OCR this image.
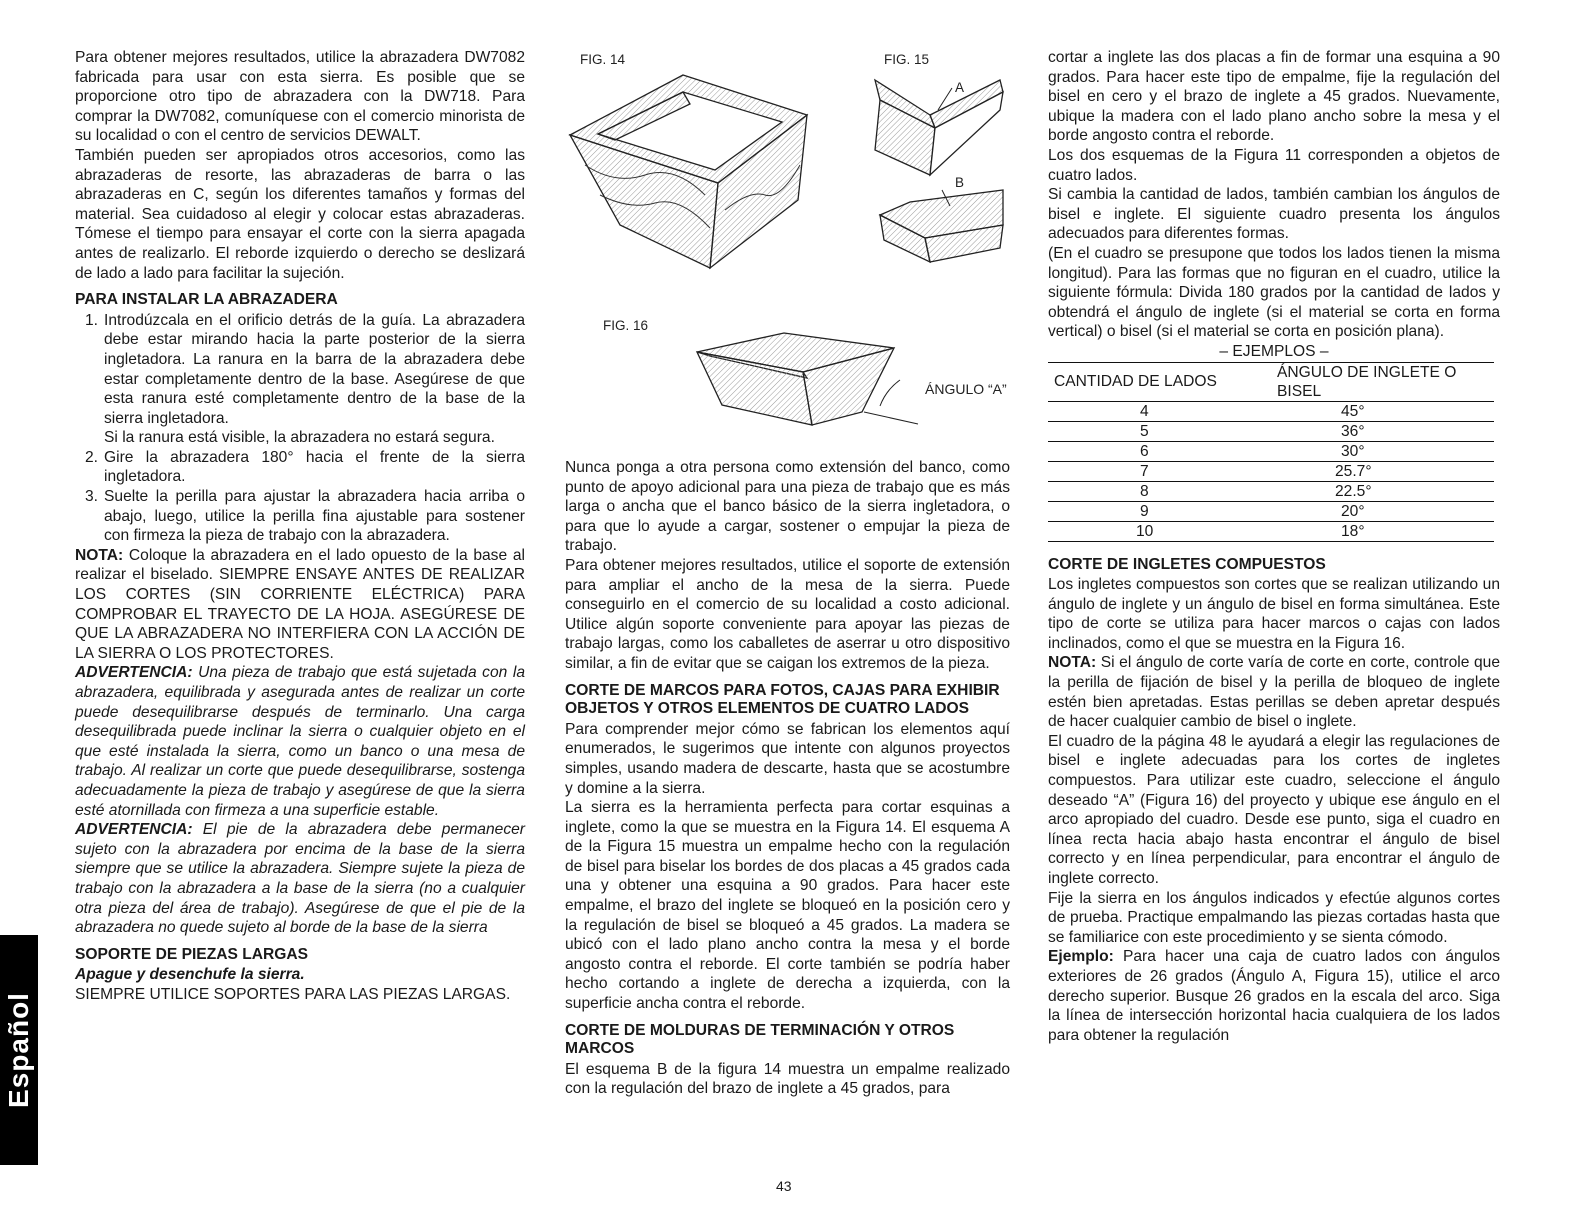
Para obtener mejores resultados, utilice la abrazadera DW7082 fabricada para usar con esta sierra. Es posible que se proporcione otro tipo de abrazadera con la DW718. Para comprar la DW7082, comuníquese con el comercio minorista de su localidad o con el centro de servicios DEWALT.

También pueden ser apropiados otros accesorios, como las abrazaderas de resorte, las abrazaderas de barra o las abrazaderas en C, según los diferentes tamaños y formas del material. Sea cuidadoso al elegir y colocar estas abrazaderas. Tómese el tiempo para ensayar el corte con la sierra apagada antes de realizarlo. El reborde izquierdo o derecho se deslizará de lado a lado para facilitar la sujeción.

PARA INSTALAR LA ABRAZADERA
1. Introdúzcala en el orificio detrás de la guía. La abrazadera debe estar mirando hacia la parte posterior de la sierra ingletadora. La ranura en la barra de la abrazadera debe estar completamente dentro de la base. Asegúrese de que esta ranura esté completamente dentro de la base de la sierra ingletadora.
Si la ranura está visible, la abrazadera no estará segura.
2. Gire la abrazadera 180° hacia el frente de la sierra ingletadora.
3. Suelte la perilla para ajustar la abrazadera hacia arriba o abajo, luego, utilice la perilla fina ajustable para sostener con firmeza la pieza de trabajo con la abrazadera.

NOTA: Coloque la abrazadera en el lado opuesto de la base al realizar el biselado. SIEMPRE ENSAYE ANTES DE REALIZAR LOS CORTES (SIN CORRIENTE ELÉCTRICA) PARA COMPROBAR EL TRAYECTO DE LA HOJA. ASEGÚRESE DE QUE LA ABRAZADERA NO INTERFIERA CON LA ACCIÓN DE LA SIERRA O LOS PROTECTORES.

ADVERTENCIA: Una pieza de trabajo que está sujetada con la abrazadera, equilibrada y asegurada antes de realizar un corte puede desequilibrarse después de terminarlo. Una carga desequilibrada puede inclinar la sierra o cualquier objeto en el que esté instalada la sierra, como un banco o una mesa de trabajo. Al realizar un corte que puede desequilibrarse, sostenga adecuadamente la pieza de trabajo y asegúrese de que la sierra esté atornillada con firmeza a una superficie estable.

ADVERTENCIA: El pie de la abrazadera debe permanecer sujeto con la abrazadera por encima de la base de la sierra siempre que se utilice la abrazadera. Siempre sujete la pieza de trabajo con la abrazadera a la base de la sierra (no a cualquier otra pieza del área de trabajo). Asegúrese de que el pie de la abrazadera no quede sujeto al borde de la base de la sierra

SOPORTE DE PIEZAS LARGAS

Apague y desenchufe la sierra.

SIEMPRE UTILICE SOPORTES PARA LAS PIEZAS LARGAS.

FIG. 14	FIG. 15
FIG. 16
A
B
ÁNGULO “A”

Nunca ponga a otra persona como extensión del banco, como punto de apoyo adicional para una pieza de trabajo que es más larga o ancha que el banco básico de la sierra ingletadora, o para que lo ayude a cargar, sostener o empujar la pieza de trabajo.

Para obtener mejores resultados, utilice el soporte de extensión para ampliar el ancho de la mesa de la sierra. Puede conseguirlo en el comercio de su localidad a costo adicional. Utilice algún soporte conveniente para apoyar las piezas de trabajo largas, como los caballetes de aserrar u otro dispositivo similar, a fin de evitar que se caigan los extremos de la pieza.

CORTE DE MARCOS PARA FOTOS, CAJAS PARA EXHIBIR OBJETOS Y OTROS ELEMENTOS DE CUATRO LADOS

Para comprender mejor cómo se fabrican los elementos aquí enumerados, le sugerimos que intente con algunos proyectos simples, usando madera de descarte, hasta que se acostumbre y domine a la sierra.

La sierra es la herramienta perfecta para cortar esquinas a inglete, como la que se muestra en la Figura 14. El esquema A de la Figura 15 muestra un empalme hecho con la regulación de bisel para biselar los bordes de dos placas a 45 grados cada una y obtener una esquina a 90 grados. Para hacer este empalme, el brazo del inglete se bloqueó en la posición cero y la regulación de bisel se bloqueó a 45 grados. La madera se ubicó con el lado plano ancho contra la mesa y el borde angosto contra el reborde. El corte también se podría haber hecho cortando a inglete de derecha a izquierda, con la superficie ancha contra el reborde.

CORTE DE MOLDURAS DE TERMINACIÓN Y OTROS MARCOS

El esquema B de la figura 14 muestra un empalme realizado con la regulación del brazo de inglete a 45 grados, para

cortar a inglete las dos placas a fin de formar una esquina a 90 grados. Para hacer este tipo de empalme, fije la regulación del bisel en cero y el brazo de inglete a 45 grados. Nuevamente, ubique la madera con el lado plano ancho sobre la mesa y el borde angosto contra el reborde.

Los dos esquemas de la Figura 11 corresponden a objetos de cuatro lados.

Si cambia la cantidad de lados, también cambian los ángulos de bisel e inglete. El siguiente cuadro presenta los ángulos adecuados para diferentes formas.

(En el cuadro se presupone que todos los lados tienen la misma longitud). Para las formas que no figuran en el cuadro, utilice la siguiente fórmula: Divida 180 grados por la cantidad de lados y obtendrá el ángulo de inglete (si el material se corta en forma vertical) o bisel (si el material se corta en posición plana).

– EJEMPLOS –
CANTIDAD DE LADOS	ÁNGULO DE INGLETE O BISEL
4	45°
5	36°
6	30°
7	25.7°
8	22.5°
9	20°
10	18°
CORTE DE INGLETES COMPUESTOS

Los ingletes compuestos son cortes que se realizan utilizando un ángulo de inglete y un ángulo de bisel en forma simultánea. Este tipo de corte se utiliza para hacer marcos o cajas con lados inclinados, como el que se muestra en la Figura 16.

NOTA: Si el ángulo de corte varía de corte en corte, controle que la perilla de fijación de bisel y la perilla de bloqueo de inglete estén bien apretadas. Estas perillas se deben apretar después de hacer cualquier cambio de bisel o inglete.

El cuadro de la página 48 le ayudará a elegir las regulaciones de bisel e inglete adecuadas para los cortes de ingletes compuestos. Para utilizar este cuadro, seleccione el ángulo deseado “A” (Figura 16) del proyecto y ubique ese ángulo en el arco apropiado del cuadro. Desde ese punto, siga el cuadro en línea recta hacia abajo hasta encontrar el ángulo de bisel correcto y en línea perpendicular, para encontrar el ángulo de inglete correcto.

Fije la sierra en los ángulos indicados y efectúe algunos cortes de prueba. Practique empalmando las piezas cortadas hasta que se familiarice con este procedimiento y se sienta cómodo.

Ejemplo: Para hacer una caja de cuatro lados con ángulos exteriores de 26 grados (Ángulo A, Figura 15), utilice el arco derecho superior. Busque 26 grados en la escala del arco. Siga la línea de intersección horizontal hacia cualquiera de los lados para obtener la regulación

Español
43
